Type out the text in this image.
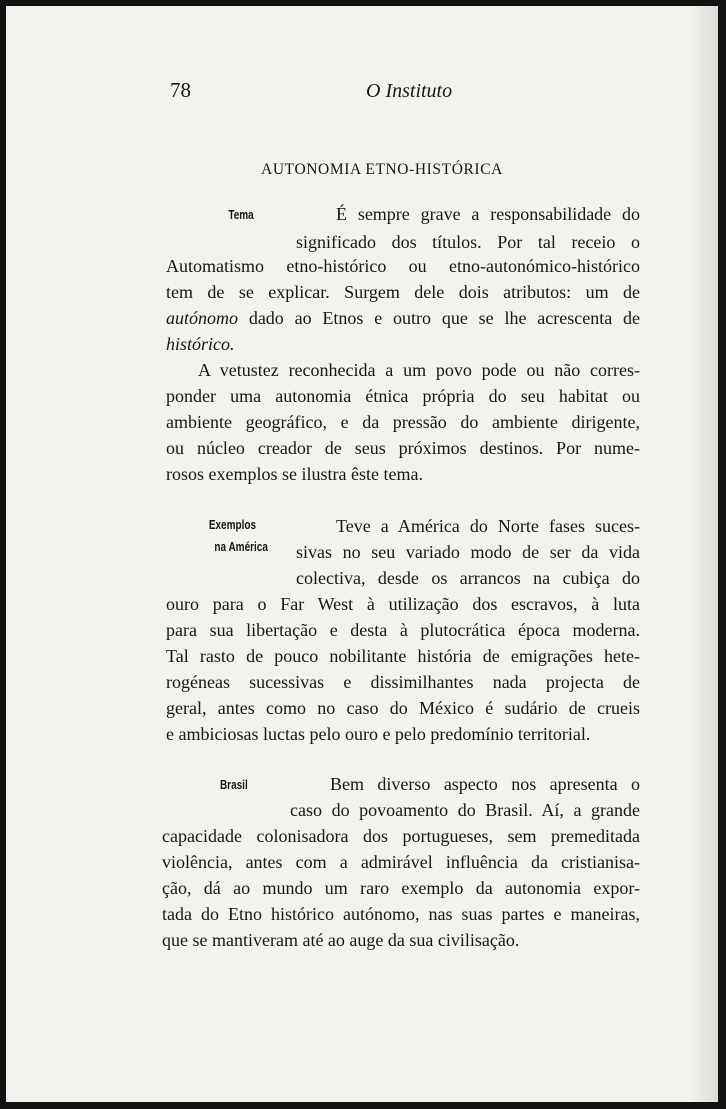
78	O Instituto
AUTONOMIA ETNO-HISTÓRICA
Tema
Exemplos
na América
Brasil
É sempre grave a responsabilidade do
significado dos títulos. Por tal receio o
Automatismo etno-histórico ou etno-autonómico-histórico
tem de se explicar. Surgem dele dois atributos: um de
autónomo dado ao Etnos e outro que se lhe acrescenta de
histórico.
A vetustez reconhecida a um povo pode ou não corres-
ponder uma autonomia étnica própria do seu habitat ou
ambiente geográfico, e da pressão do ambiente dirigente,
ou núcleo creador de seus próximos destinos. Por nume-
rosos exemplos se ilustra êste tema.
Teve a América do Norte fases suces-
sivas no seu variado modo de ser da vida
colectiva, desde os arrancos na cubiça do
ouro para o Far West à utilização dos escravos, à luta
para sua libertação e desta à plutocrática época moderna.
Tal rasto de pouco nobilitante história de emigrações hete-
rogéneas sucessivas e dissimilhantes nada projecta de
geral, antes como no caso do México é sudário de crueis
e ambiciosas luctas pelo ouro e pelo predomínio territorial.
Bem diverso aspecto nos apresenta o
caso do povoamento do Brasil. Aí, a grande
capacidade colonisadora dos portugueses, sem premeditada
violência, antes com a admirável influência da cristianisa-
ção, dá ao mundo um raro exemplo da autonomia expor-
tada do Etno histórico autónomo, nas suas partes e maneiras,
que se mantiveram até ao auge da sua civilisação.
